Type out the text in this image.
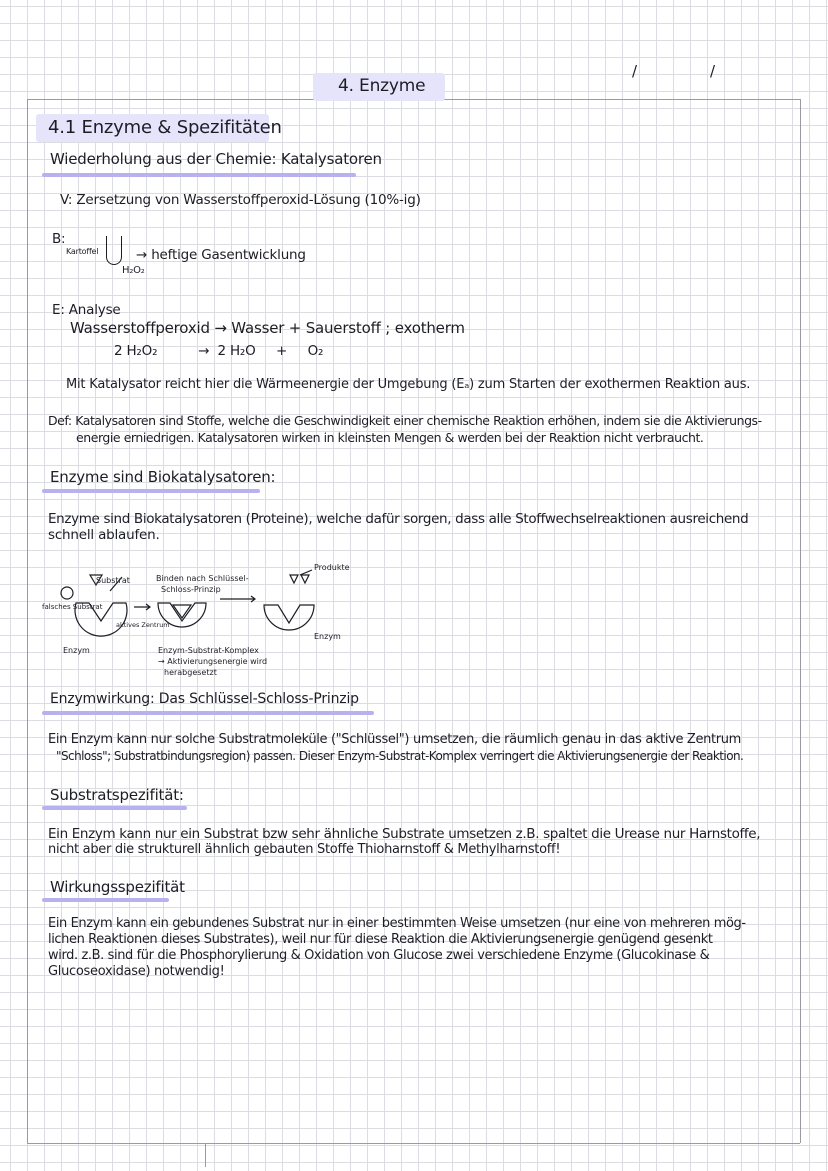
4. Enzyme
/	/
4.1 Enzyme & Spezifitäten
Wiederholung aus der Chemie: Katalysatoren
V: Zersetzung von Wasserstoffperoxid-Lösung (10%-ig)
B:
Kartoffel
H₂O₂
→ heftige Gasentwicklung
E: Analyse
Wasserstoffperoxid → Wasser + Sauerstoff ; exotherm
2 H₂O₂          →  2 H₂O     +     O₂
Mit Katalysator reicht hier die Wärmeenergie der Umgebung (Eₐ) zum Starten der exothermen Reaktion aus.
Def: Katalysatoren sind Stoffe, welche die Geschwindigkeit einer chemische Reaktion erhöhen, indem sie die Aktivierungs-
energie erniedrigen. Katalysatoren wirken in kleinsten Mengen & werden bei der Reaktion nicht verbraucht.
Enzyme sind Biokatalysatoren:
Enzyme sind Biokatalysatoren (Proteine), welche dafür sorgen, dass alle Stoffwechselreaktionen ausreichend
schnell ablaufen.
Substrat
falsches Substrat
Enzym
aktives Zentrum
Binden nach Schlüssel-
Schloss-Prinzip
Enzym-Substrat-Komplex
→ Aktivierungsenergie wird
herabgesetzt
Produkte
Enzym
Enzymwirkung: Das Schlüssel-Schloss-Prinzip
Ein Enzym kann nur solche Substratmoleküle ("Schlüssel") umsetzen, die räumlich genau in das aktive Zentrum
"Schloss"; Substratbindungsregion) passen. Dieser Enzym-Substrat-Komplex verringert die Aktivierungsenergie der Reaktion.
Substratspezifität:
Ein Enzym kann nur ein Substrat bzw sehr ähnliche Substrate umsetzen z.B. spaltet die Urease nur Harnstoffe,
nicht aber die strukturell ähnlich gebauten Stoffe Thioharnstoff & Methylharnstoff!
Wirkungsspezifität
Ein Enzym kann ein gebundenes Substrat nur in einer bestimmten Weise umsetzen (nur eine von mehreren mög-
lichen Reaktionen dieses Substrates), weil nur für diese Reaktion die Aktivierungsenergie genügend gesenkt
wird. z.B. sind für die Phosphorylierung & Oxidation von Glucose zwei verschiedene Enzyme (Glucokinase &
Glucoseoxidase) notwendig!
